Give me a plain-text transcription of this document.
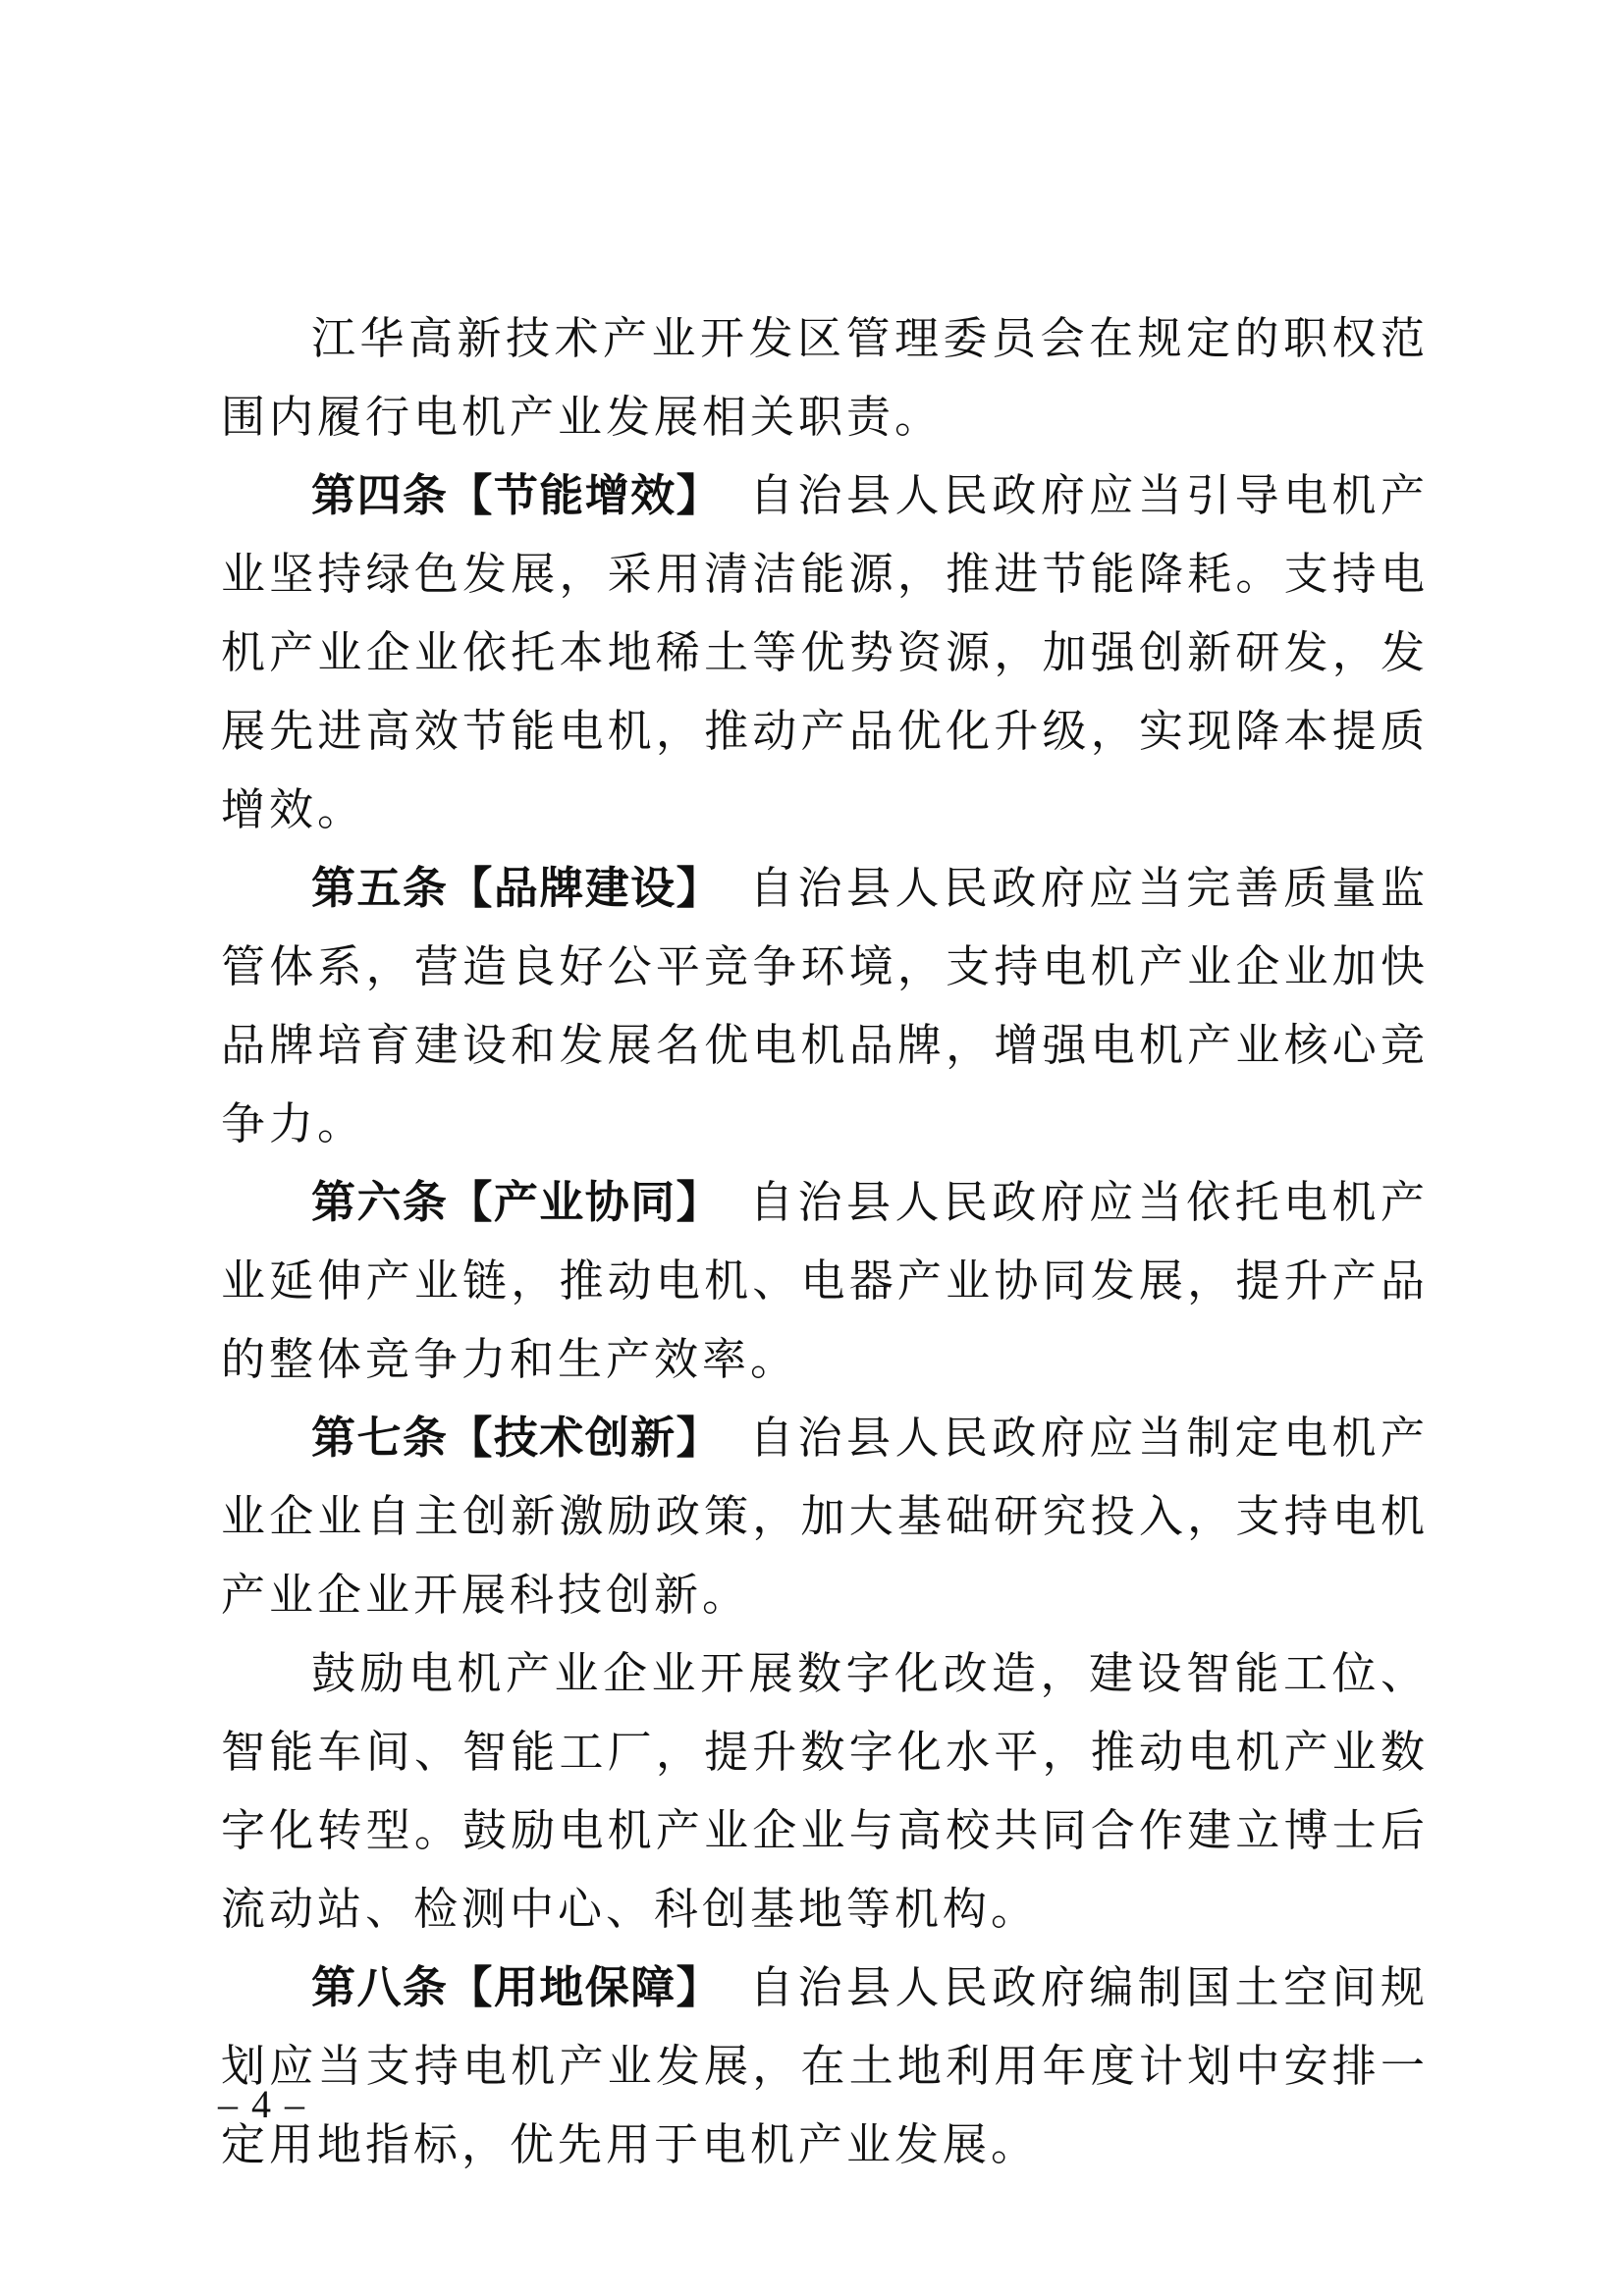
江华高新技术产业开发区管理委员会在规定的职权范围内履行电机产业发展相关职责。

第四条【节能增效】 自治县人民政府应当引导电机产业坚持绿色发展，采用清洁能源，推进节能降耗。支持电机产业企业依托本地稀土等优势资源，加强创新研发，发展先进高效节能电机，推动产品优化升级，实现降本提质增效。

第五条【品牌建设】 自治县人民政府应当完善质量监管体系，营造良好公平竞争环境，支持电机产业企业加快品牌培育建设和发展名优电机品牌，增强电机产业核心竞争力。

第六条【产业协同】 自治县人民政府应当依托电机产业延伸产业链，推动电机、电器产业协同发展，提升产品的整体竞争力和生产效率。

第七条【技术创新】 自治县人民政府应当制定电机产业企业自主创新激励政策，加大基础研究投入，支持电机产业企业开展科技创新。

鼓励电机产业企业开展数字化改造，建设智能工位、智能车间、智能工厂，提升数字化水平，推动电机产业数字化转型。鼓励电机产业企业与高校共同合作建立博士后流动站、检测中心、科创基地等机构。

第八条【用地保障】 自治县人民政府编制国土空间规划应当支持电机产业发展，在土地利用年度计划中安排一定用地指标，优先用于电机产业发展。

– 4 –
